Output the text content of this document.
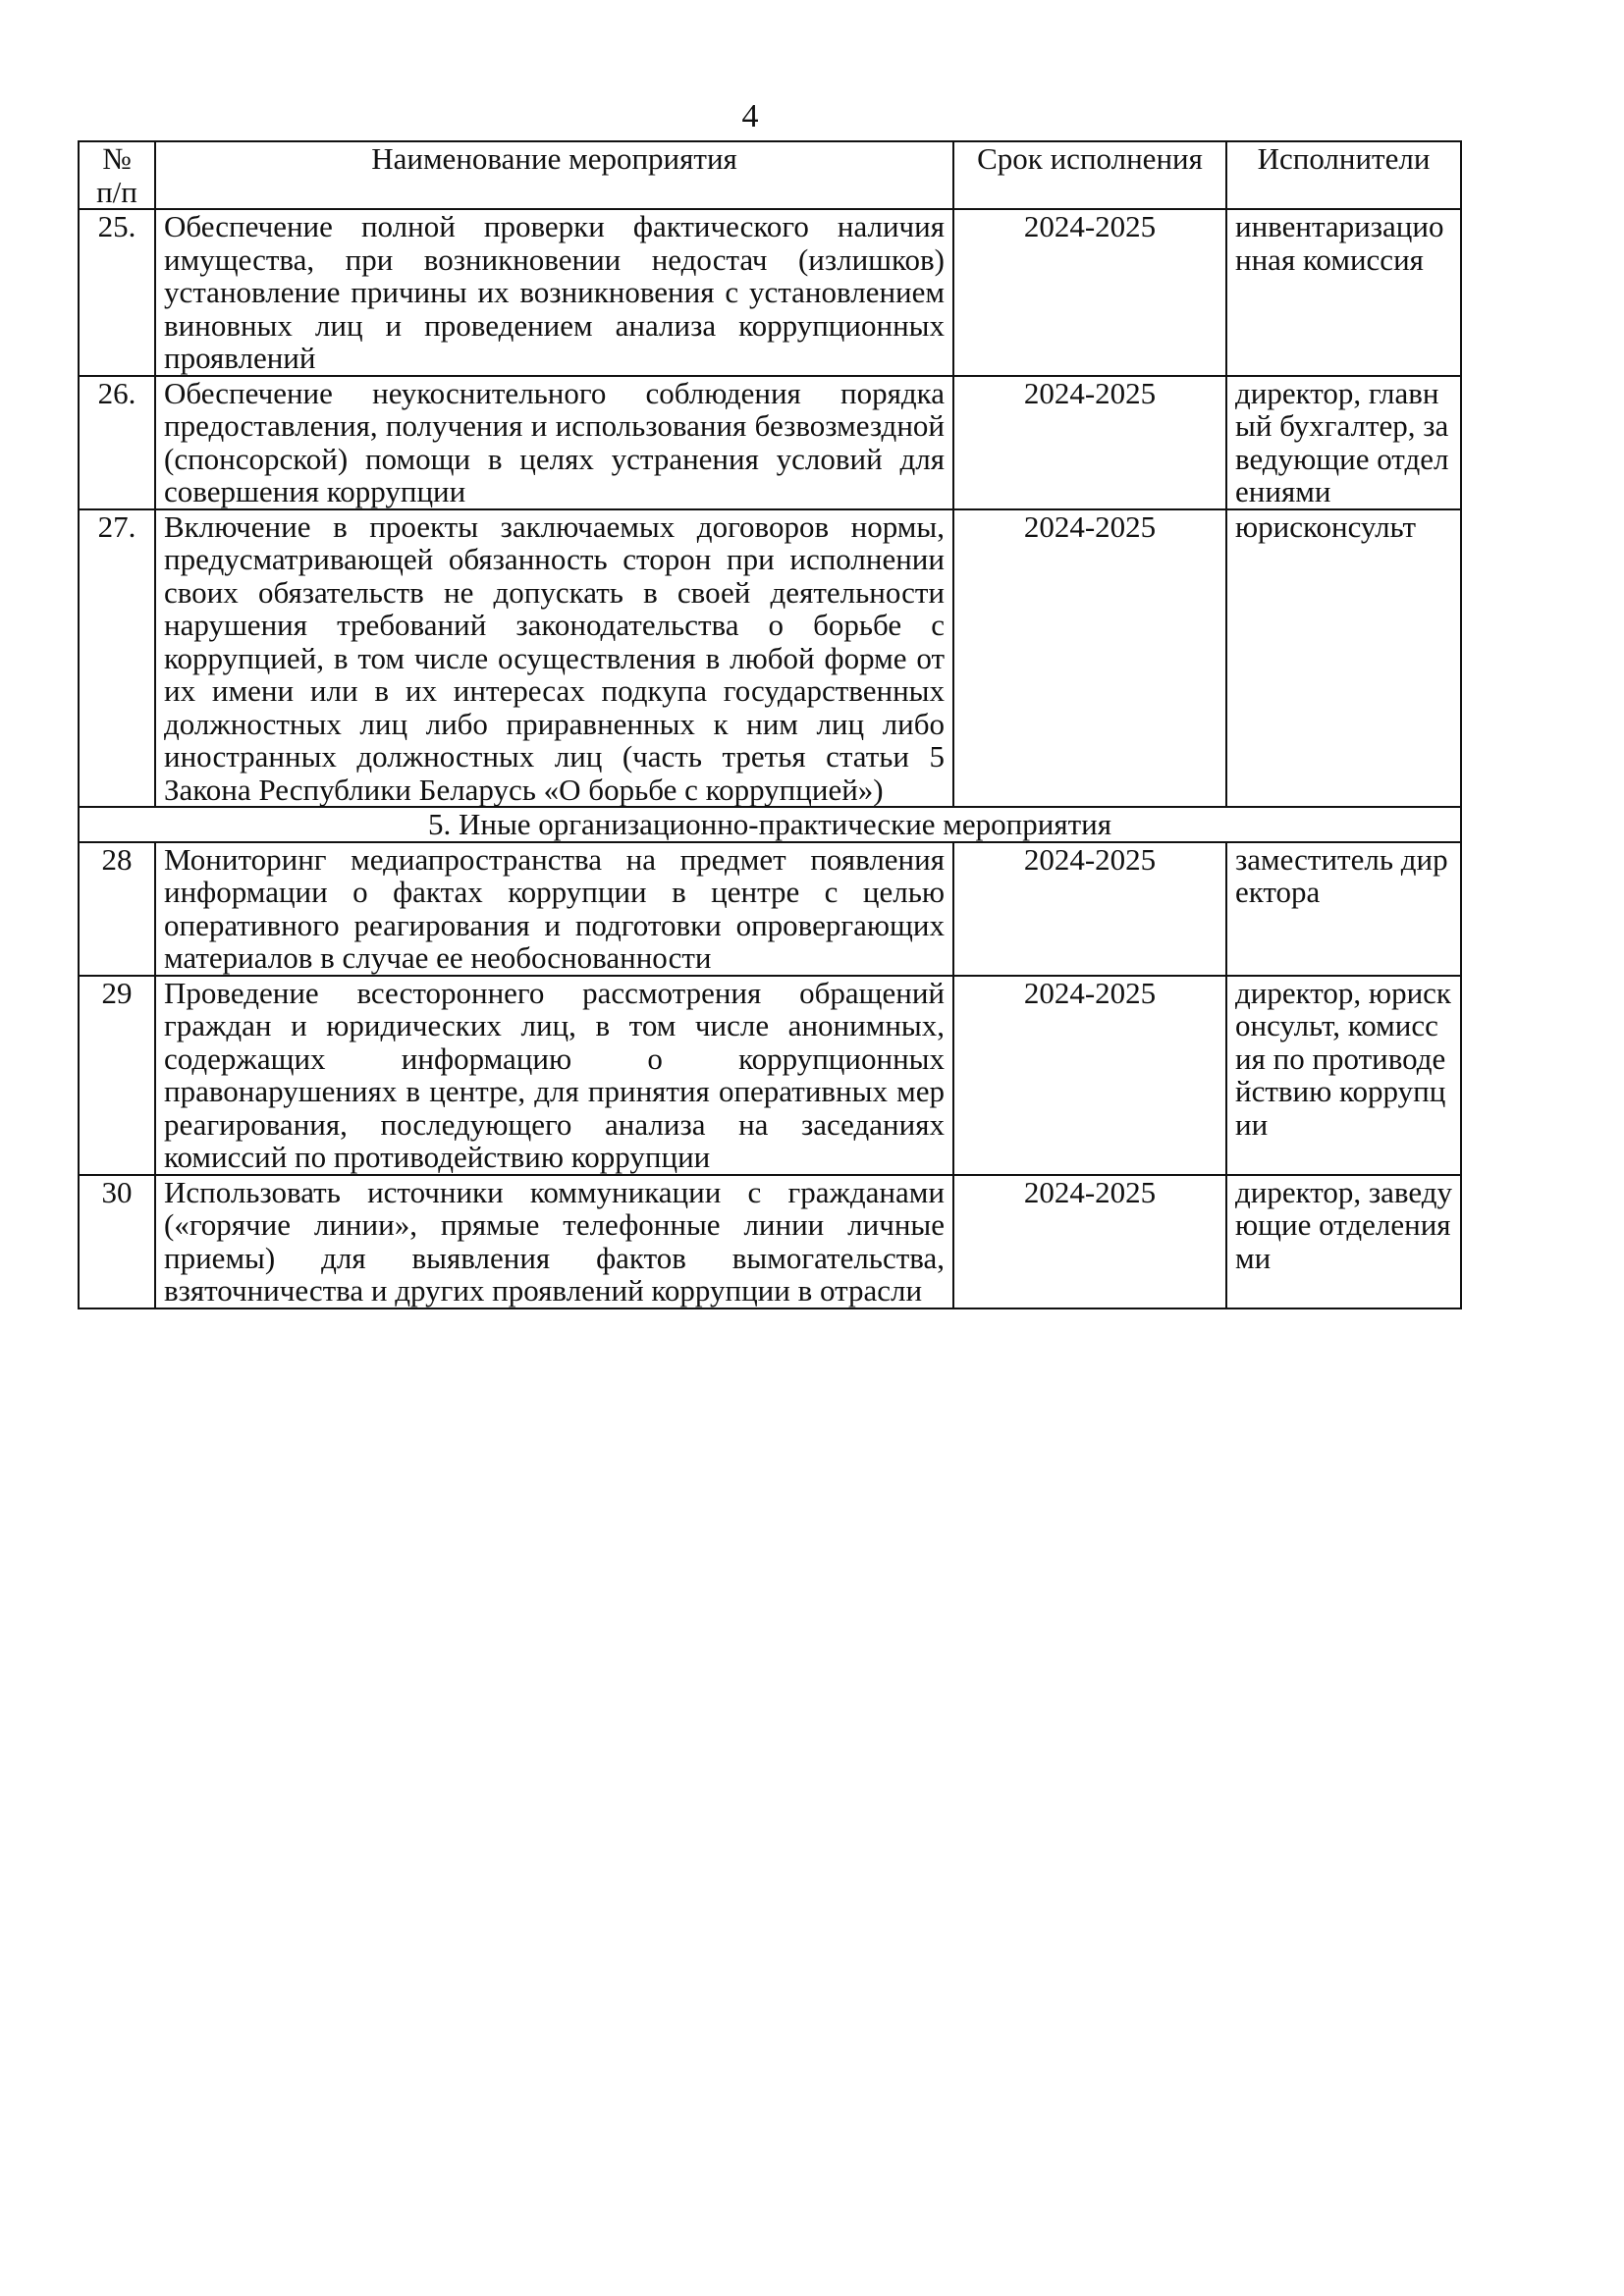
4
№ п/п	Наименование мероприятия	Срок исполнения	Исполнители
25.	Обеспечение полной проверки фактического наличия имущества, при возникновении недостач (излишков) установление причины их возникновения с установлением виновных лиц и проведением анализа коррупционных проявлений	2024-2025	инвентаризационная комиссия
26.	Обеспечение неукоснительного соблюдения порядка предоставления, получения и использования безвозмездной (спонсорской) помощи в целях устранения условий для совершения коррупции	2024-2025	директор, главный бухгалтер, заведующие отделениями
27.	Включение в проекты заключаемых договоров нормы, предусматривающей обязанность сторон при исполнении своих обязательств не допускать в своей деятельности нарушения требований законодательства о борьбе с коррупцией, в том числе осуществления в любой форме от их имени или в их интересах подкупа государственных должностных лиц либо приравненных к ним лиц либо иностранных должностных лиц (часть третья статьи 5 Закона Республики Беларусь «О борьбе с коррупцией»)	2024-2025	юрисконсульт
5. Иные организационно-практические мероприятия			
28	Мониторинг медиапространства на предмет появления информации о фактах коррупции в центре с целью оперативного реагирования и подготовки опровергающих материалов в случае ее необоснованности	2024-2025	заместитель директора
29	Проведение всестороннего рассмотрения обращений граждан и юридических лиц, в том числе анонимных, содержащих информацию о коррупционных правонарушениях в центре, для принятия оперативных мер реагирования, последующего анализа на заседаниях комиссий по противодействию коррупции	2024-2025	директор, юрисконсульт, комиссия по противодействию коррупции
30	Использовать источники коммуникации с гражданами («горячие линии», прямые телефонные линии личные приемы) для выявления фактов вымогательства, взяточничества и других проявлений коррупции в отрасли	2024-2025	директор, заведующие отделениями
